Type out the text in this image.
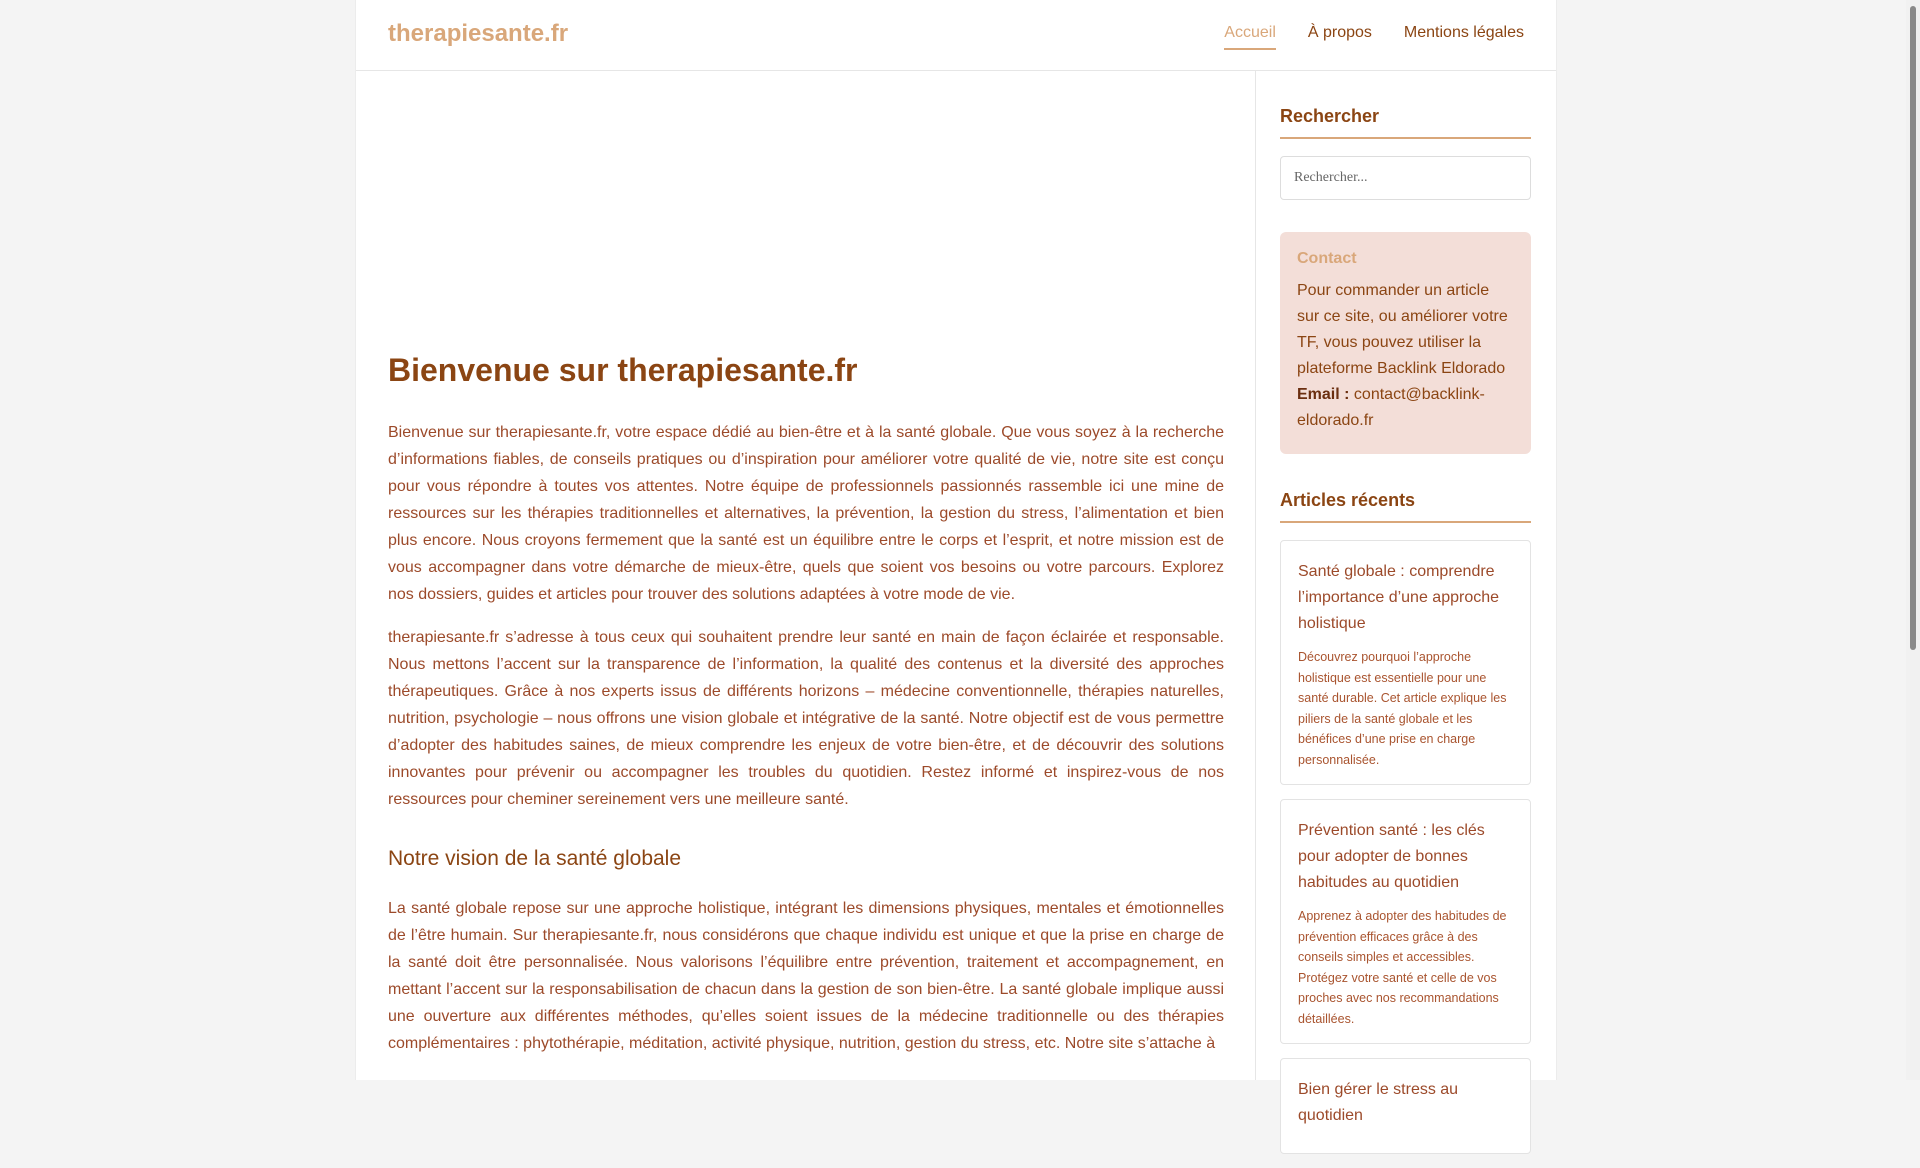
therapiesante.fr	Accueil À propos Mentions légales
Bienvenue sur therapiesante.fr

Bienvenue sur therapiesante.fr, votre espace dédié au bien-être et à la santé globale. Que vous soyez à la recherche d’informations fiables, de conseils pratiques ou d’inspiration pour améliorer votre qualité de vie, notre site est conçu pour vous répondre à toutes vos attentes. Notre équipe de professionnels passionnés rassemble ici une mine de ressources sur les thérapies traditionnelles et alternatives, la prévention, la gestion du stress, l’alimentation et bien plus encore. Nous croyons fermement que la santé est un équilibre entre le corps et l’esprit, et notre mission est de vous accompagner dans votre démarche de mieux-être, quels que soient vos besoins ou votre parcours. Explorez nos dossiers, guides et articles pour trouver des solutions adaptées à votre mode de vie.

therapiesante.fr s’adresse à tous ceux qui souhaitent prendre leur santé en main de façon éclairée et responsable. Nous mettons l’accent sur la transparence de l’information, la qualité des contenus et la diversité des approches thérapeutiques. Grâce à nos experts issus de différents horizons – médecine conventionnelle, thérapies naturelles, nutrition, psychologie – nous offrons une vision globale et intégrative de la santé. Notre objectif est de vous permettre d’adopter des habitudes saines, de mieux comprendre les enjeux de votre bien-être, et de découvrir des solutions innovantes pour prévenir ou accompagner les troubles du quotidien. Restez informé et inspirez-vous de nos ressources pour cheminer sereinement vers une meilleure santé.

Notre vision de la santé globale

La santé globale repose sur une approche holistique, intégrant les dimensions physiques, mentales et émotionnelles de l’être humain. Sur therapiesante.fr, nous considérons que chaque individu est unique et que la prise en charge de la santé doit être personnalisée. Nous valorisons l’équilibre entre prévention, traitement et accompagnement, en mettant l’accent sur la responsabilisation de chacun dans la gestion de son bien-être. La santé globale implique aussi une ouverture aux différentes méthodes, qu’elles soient issues de la médecine traditionnelle ou des thérapies complémentaires : phytothérapie, méditation, activité physique, nutrition, gestion du stress, etc. Notre site s’attache à

Rechercher
Rechercher...
Contact
Pour commander un article sur ce site, ou améliorer votre TF, vous pouvez utiliser la plateforme Backlink Eldorado
Email : contact@backlink-eldorado.fr
Articles récents
Santé globale : comprendre l’importance d’une approche holistique
Découvrez pourquoi l’approche holistique est essentielle pour une santé durable. Cet article explique les piliers de la santé globale et les bénéfices d’une prise en charge personnalisée.
Prévention santé : les clés pour adopter de bonnes habitudes au quotidien
Apprenez à adopter des habitudes de prévention efficaces grâce à des conseils simples et accessibles. Protégez votre santé et celle de vos proches avec nos recommandations détaillées.
Bien gérer le stress au quotidien
